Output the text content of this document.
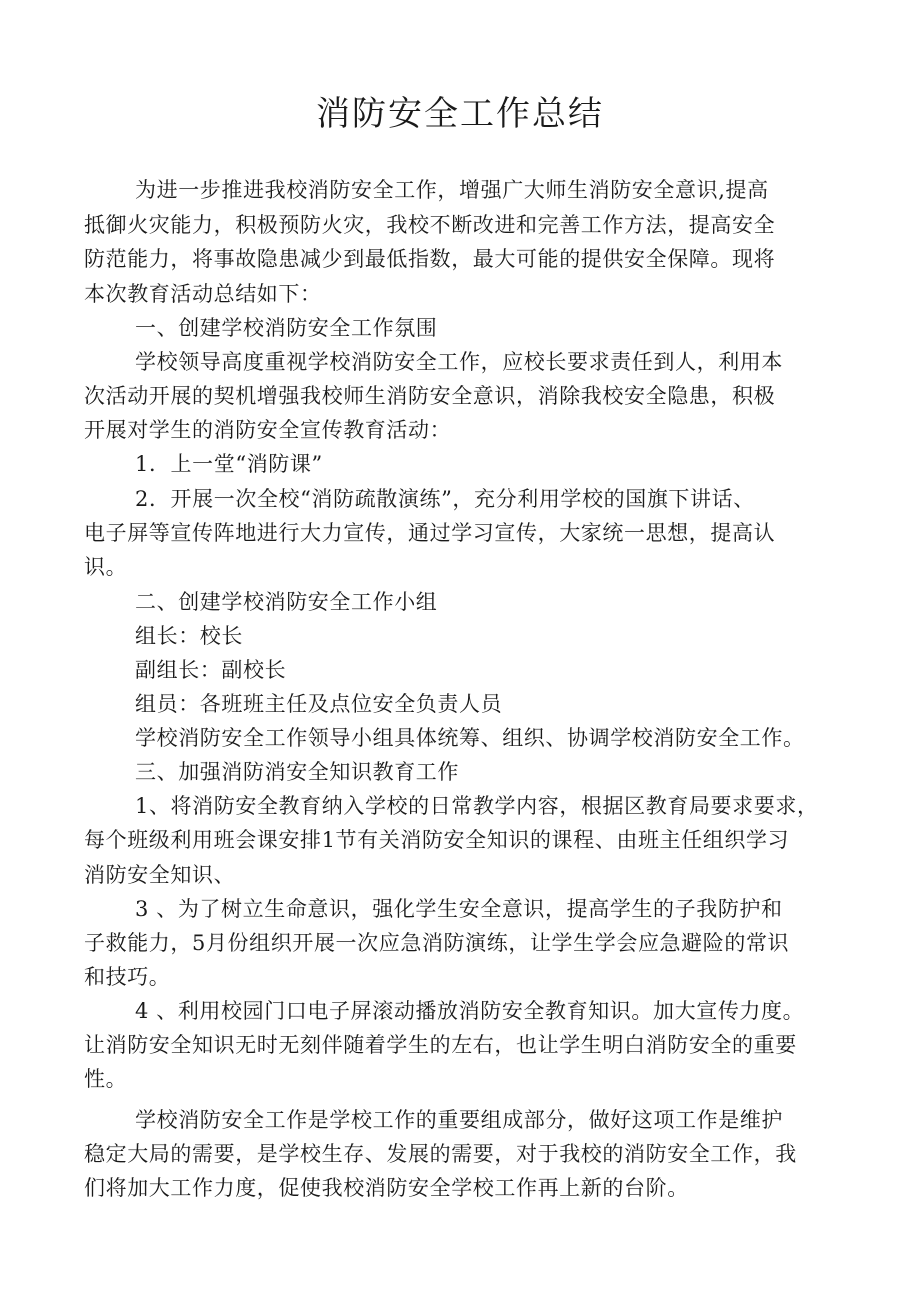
消防安全工作总结
为进一步推进我校消防安全工作，增强广大师生消防安全意识,提高
抵御火灾能力，积极预防火灾，我校不断改进和完善工作方法，提高安全
防范能力，将事故隐患减少到最低指数，最大可能的提供安全保障。现将
本次教育活动总结如下：
一、创建学校消防安全工作氛围
学校领导高度重视学校消防安全工作，应校长要求责任到人，利用本
次活动开展的契机增强我校师生消防安全意识，消除我校安全隐患，积极
开展对学生的消防安全宣传教育活动：
1．上一堂“消防课”
2．开展一次全校“消防疏散演练”，充分利用学校的国旗下讲话、
电子屏等宣传阵地进行大力宣传，通过学习宣传，大家统一思想，提高认
识。
二、创建学校消防安全工作小组
组长：校长
副组长：副校长
组员：各班班主任及点位安全负责人员
学校消防安全工作领导小组具体统筹、组织、协调学校消防安全工作。
三、加强消防消安全知识教育工作
1、将消防安全教育纳入学校的日常教学内容，根据区教育局要求要求，
每个班级利用班会课安排1节有关消防安全知识的课程、由班主任组织学习
消防安全知识、
3 、为了树立生命意识，强化学生安全意识，提高学生的子我防护和
子救能力，5月份组织开展一次应急消防演练，让学生学会应急避险的常识
和技巧。
4 、利用校园门口电子屏滚动播放消防安全教育知识。加大宣传力度。
让消防安全知识无时无刻伴随着学生的左右，也让学生明白消防安全的重要
性。
学校消防安全工作是学校工作的重要组成部分，做好这项工作是维护
稳定大局的需要，是学校生存、发展的需要，对于我校的消防安全工作，我
们将加大工作力度，促使我校消防安全学校工作再上新的台阶。
